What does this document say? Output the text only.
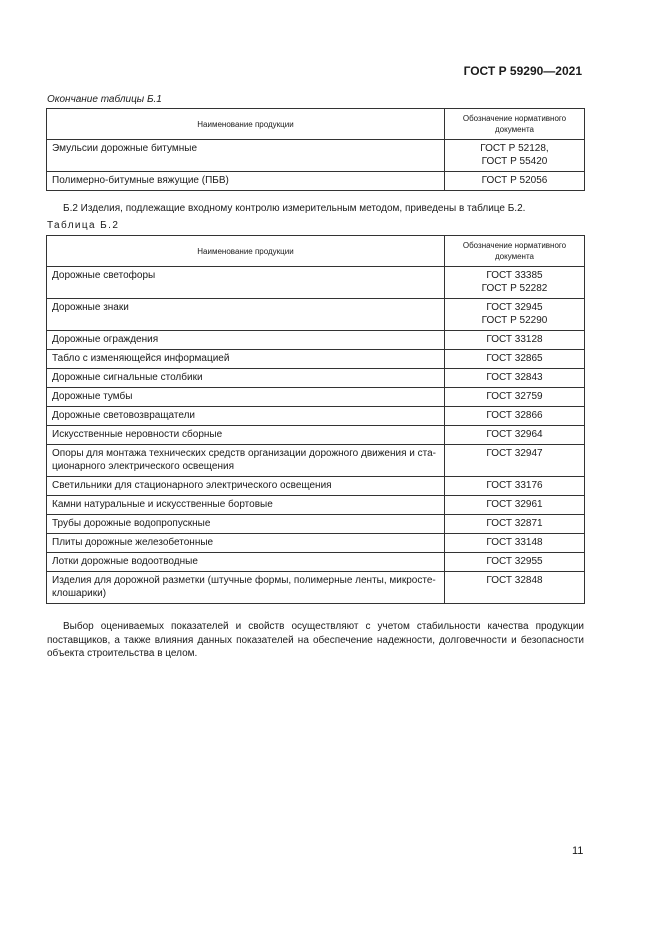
ГОСТ Р 59290—2021
Окончание таблицы Б.1
Наименование продукции	Обозначение нормативного документа
Эмульсии дорожные битумные	ГОСТ Р 52128,
ГОСТ Р 55420
Полимерно-битумные вяжущие (ПБВ)	ГОСТ Р 52056
Б.2 Изделия, подлежащие входному контролю измерительным методом, приведены в таблице Б.2.
Таблица Б.2
Наименование продукции	Обозначение нормативного документа
Дорожные светофоры	ГОСТ 33385
ГОСТ Р 52282
Дорожные знаки	ГОСТ 32945
ГОСТ Р 52290
Дорожные ограждения	ГОСТ 33128
Табло с изменяющейся информацией	ГОСТ 32865
Дорожные сигнальные столбики	ГОСТ 32843
Дорожные тумбы	ГОСТ 32759
Дорожные световозвращатели	ГОСТ 32866
Искусственные неровности сборные	ГОСТ 32964
Опоры для монтажа технических средств организации дорожного движения и ста-
ционарного электрического освещения	ГОСТ 32947
Светильники для стационарного электрического освещения	ГОСТ 33176
Камни натуральные и искусственные бортовые	ГОСТ 32961
Трубы дорожные водопропускные	ГОСТ 32871
Плиты дорожные железобетонные	ГОСТ 33148
Лотки дорожные водоотводные	ГОСТ 32955
Изделия для дорожной разметки (штучные формы, полимерные ленты, микросте-
клошарики)	ГОСТ 32848
Выбор оцениваемых показателей и свойств осуществляют с учетом стабильности качества продукции поставщиков, а также влияния данных показателей на обеспечение надежности, долговечности и безопасности объекта строительства в целом.
11
